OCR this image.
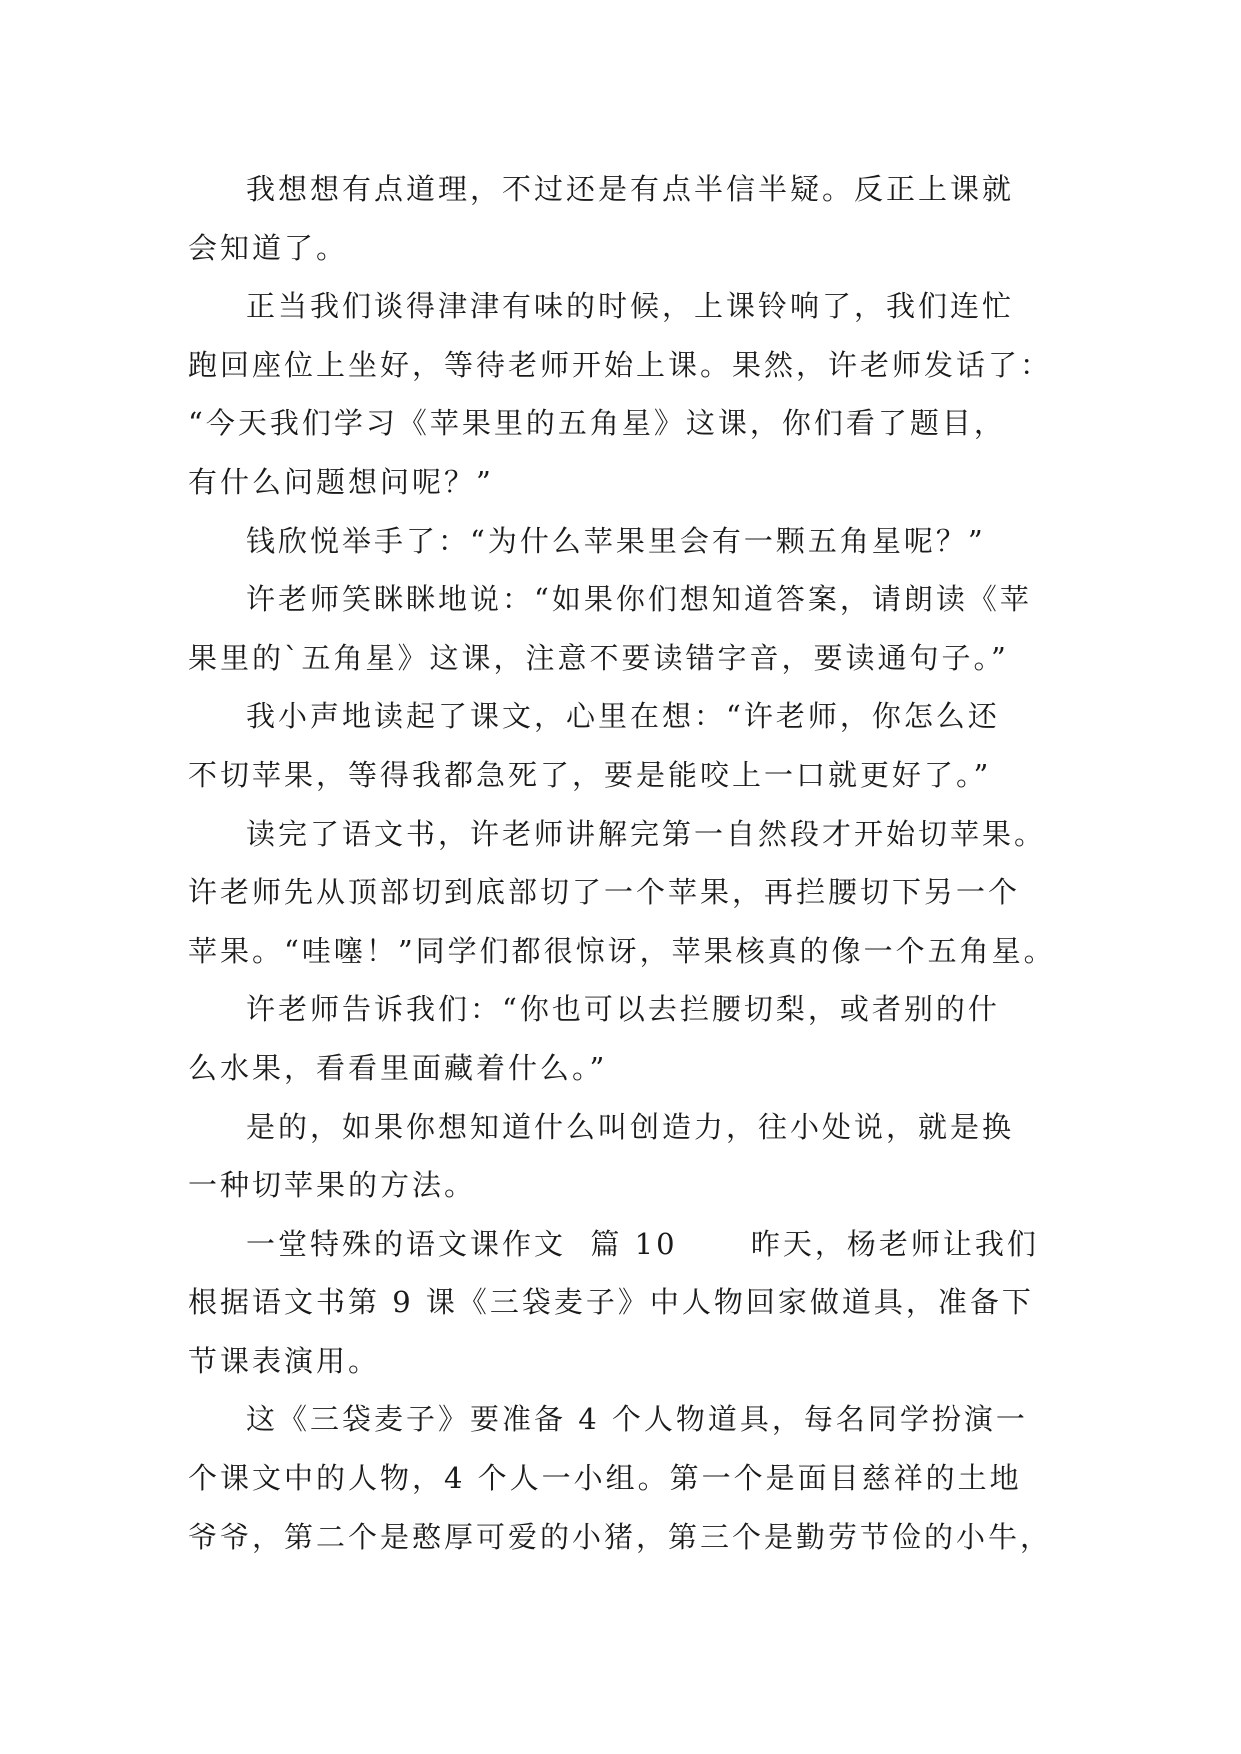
我想想有点道理，不过还是有点半信半疑。反正上课就
会知道了。

正当我们谈得津津有味的时候，上课铃响了，我们连忙
跑回座位上坐好，等待老师开始上课。果然，许老师发话了：
“今天我们学习《苹果里的五角星》这课，你们看了题目，
有什么问题想问呢？”

钱欣悦举手了：“为什么苹果里会有一颗五角星呢？”

许老师笑眯眯地说：“如果你们想知道答案，请朗读《苹
果里的`五角星》这课，注意不要读错字音，要读通句子。”

我小声地读起了课文，心里在想：“许老师，你怎么还
不切苹果，等得我都急死了，要是能咬上一口就更好了。”

读完了语文书，许老师讲解完第一自然段才开始切苹果。
许老师先从顶部切到底部切了一个苹果，再拦腰切下另一个
苹果。“哇噻！”同学们都很惊讶，苹果核真的像一个五角星。

许老师告诉我们：“你也可以去拦腰切梨，或者别的什
么水果，看看里面藏着什么。”

是的，如果你想知道什么叫创造力，往小处说，就是换
一种切苹果的方法。

一堂特殊的语文课作文  篇 10      昨天，杨老师让我们
根据语文书第 9 课《三袋麦子》中人物回家做道具，准备下
节课表演用。

这《三袋麦子》要准备 4 个人物道具，每名同学扮演一
个课文中的人物，4 个人一小组。第一个是面目慈祥的土地
爷爷，第二个是憨厚可爱的小猪，第三个是勤劳节俭的小牛，
